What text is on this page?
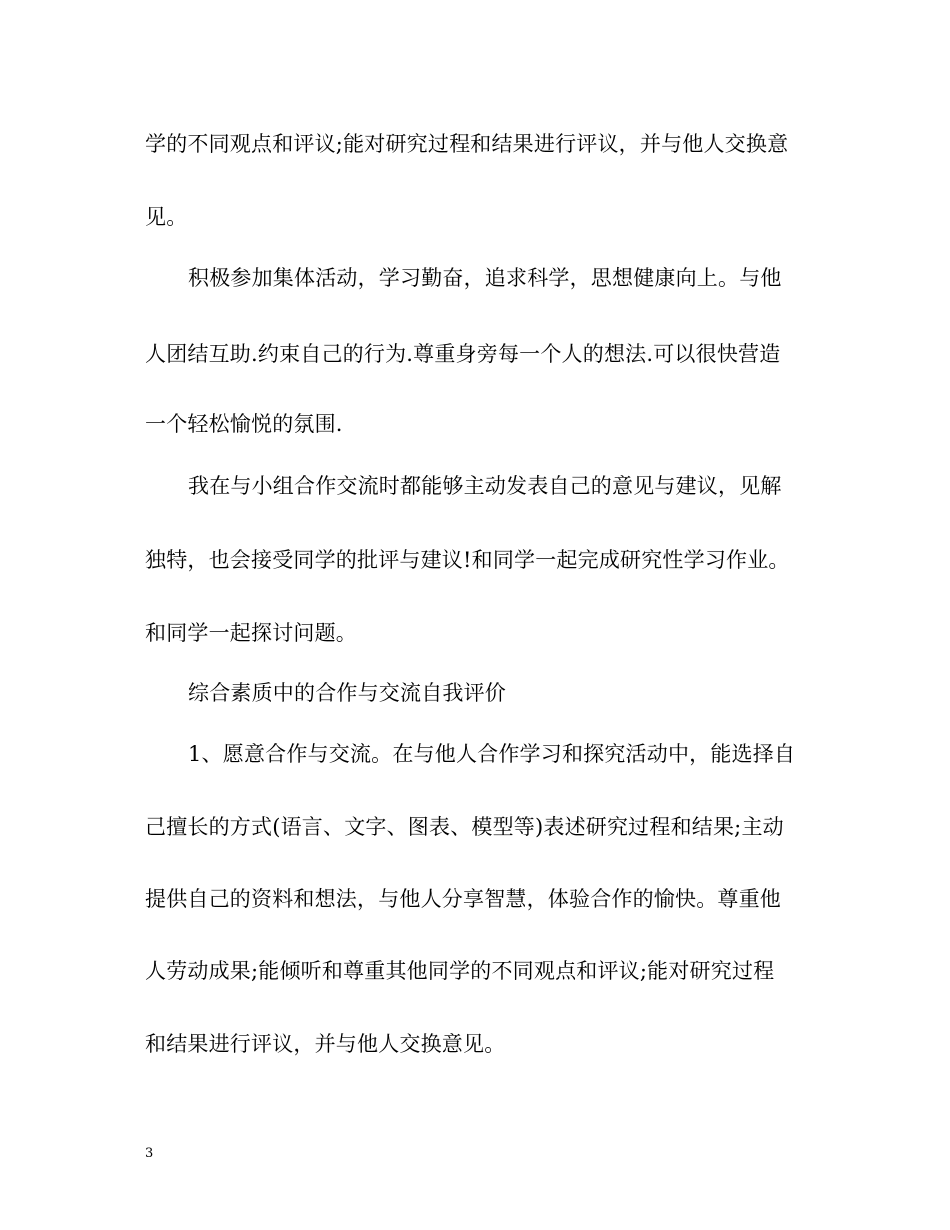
学的不同观点和评议;能对研究过程和结果进行评议，并与他人交换意
见。
积极参加集体活动，学习勤奋，追求科学，思想健康向上。与他
人团结互助.约束自己的行为.尊重身旁每一个人的想法.可以很快营造
一个轻松愉悦的氛围.
我在与小组合作交流时都能够主动发表自己的意见与建议，见解
独特，也会接受同学的批评与建议!和同学一起完成研究性学习作业。
和同学一起探讨问题。
综合素质中的合作与交流自我评价
1、愿意合作与交流。在与他人合作学习和探究活动中，能选择自
己擅长的方式(语言、文字、图表、模型等)表述研究过程和结果;主动
提供自己的资料和想法，与他人分享智慧，体验合作的愉快。尊重他
人劳动成果;能倾听和尊重其他同学的不同观点和评议;能对研究过程
和结果进行评议，并与他人交换意见。
3
